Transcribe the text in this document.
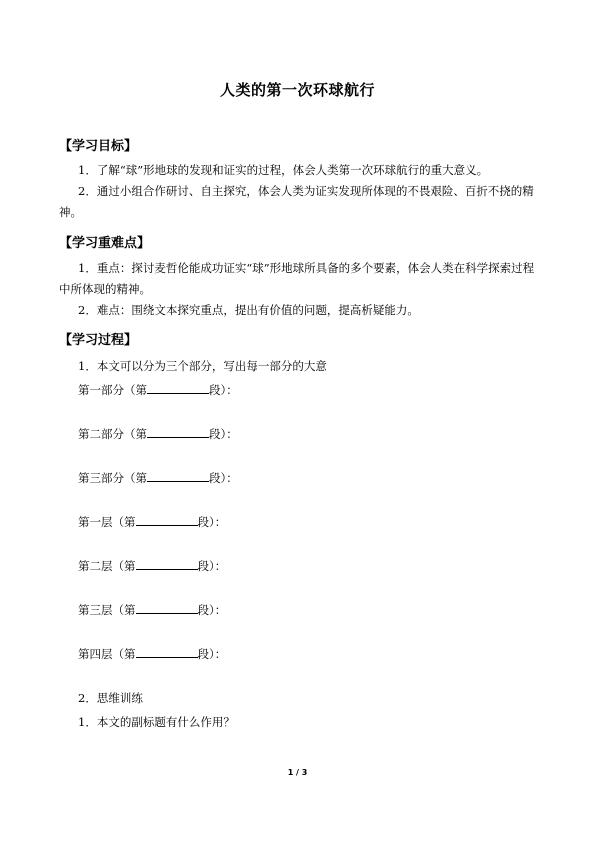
人类的第一次环球航行
【学习目标】
1．了解“球”形地球的发现和证实的过程，体会人类第一次环球航行的重大意义。
2．通过小组合作研讨、自主探究，体会人类为证实发现所体现的不畏艰险、百折不挠的精神。
【学习重难点】
1．重点：探讨麦哲伦能成功证实“球”形地球所具备的多个要素，体会人类在科学探索过程中所体现的精神。
2．难点：围绕文本探究重点，提出有价值的问题，提高析疑能力。
【学习过程】
1．本文可以分为三个部分，写出每一部分的大意
第一部分（第	段）：
第二部分（第	段）：
第三部分（第	段）：
第一层（第	段）：
第二层（第	段）：
第三层（第	段）：
第四层（第	段）：
2．思维训练
1．本文的副标题有什么作用？
1 / 3
